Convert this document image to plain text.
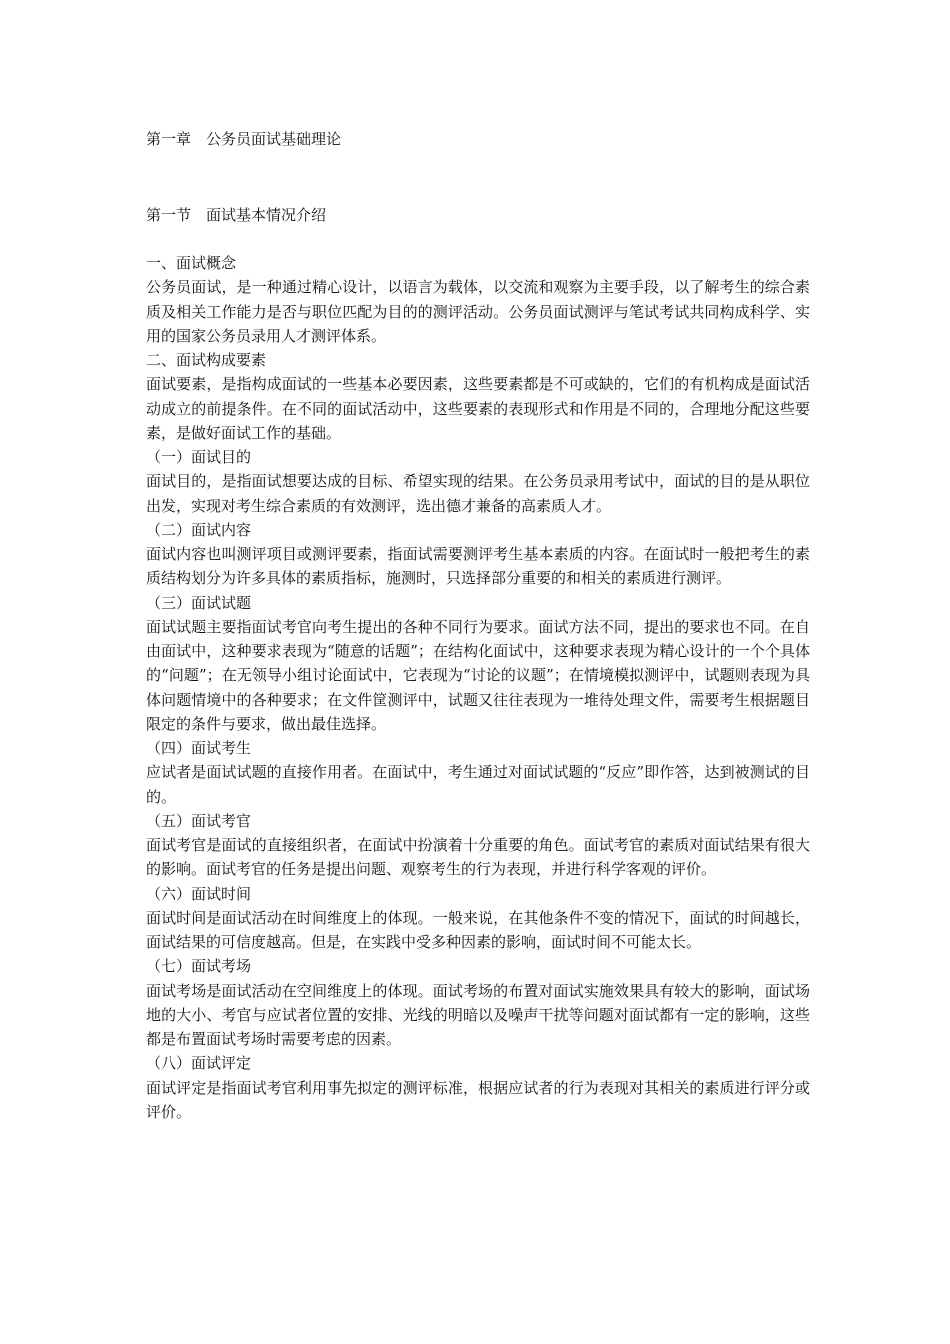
第一章　公务员面试基础理论
第一节　面试基本情况介绍

一、面试概念

公务员面试，是一种通过精心设计，以语言为载体，以交流和观察为主要手段，以了解考生的综合素质及相关工作能力是否与职位匹配为目的的测评活动。公务员面试测评与笔试考试共同构成科学、实用的国家公务员录用人才测评体系。

二、面试构成要素

面试要素，是指构成面试的一些基本必要因素，这些要素都是不可或缺的，它们的有机构成是面试活动成立的前提条件。在不同的面试活动中，这些要素的表现形式和作用是不同的，合理地分配这些要素，是做好面试工作的基础。

（一）面试目的

面试目的，是指面试想要达成的目标、希望实现的结果。在公务员录用考试中，面试的目的是从职位出发，实现对考生综合素质的有效测评，选出德才兼备的高素质人才。

（二）面试内容

面试内容也叫测评项目或测评要素，指面试需要测评考生基本素质的内容。在面试时一般把考生的素质结构划分为许多具体的素质指标，施测时，只选择部分重要的和相关的素质进行测评。

（三）面试试题

面试试题主要指面试考官向考生提出的各种不同行为要求。面试方法不同，提出的要求也不同。在自由面试中，这种要求表现为“随意的话题”；在结构化面试中，这种要求表现为精心设计的一个个具体的“问题”；在无领导小组讨论面试中，它表现为“讨论的议题”；在情境模拟测评中，试题则表现为具体问题情境中的各种要求；在文件筐测评中，试题又往往表现为一堆待处理文件，需要考生根据题目限定的条件与要求，做出最佳选择。

（四）面试考生

应试者是面试试题的直接作用者。在面试中，考生通过对面试试题的“反应”即作答，达到被测试的目的。

（五）面试考官

面试考官是面试的直接组织者，在面试中扮演着十分重要的角色。面试考官的素质对面试结果有很大的影响。面试考官的任务是提出问题、观察考生的行为表现，并进行科学客观的评价。

（六）面试时间

面试时间是面试活动在时间维度上的体现。一般来说，在其他条件不变的情况下，面试的时间越长，面试结果的可信度越高。但是，在实践中受多种因素的影响，面试时间不可能太长。

（七）面试考场

面试考场是面试活动在空间维度上的体现。面试考场的布置对面试实施效果具有较大的影响，面试场地的大小、考官与应试者位置的安排、光线的明暗以及噪声干扰等问题对面试都有一定的影响，这些都是布置面试考场时需要考虑的因素。

（八）面试评定

面试评定是指面试考官利用事先拟定的测评标准，根据应试者的行为表现对其相关的素质进行评分或评价。
